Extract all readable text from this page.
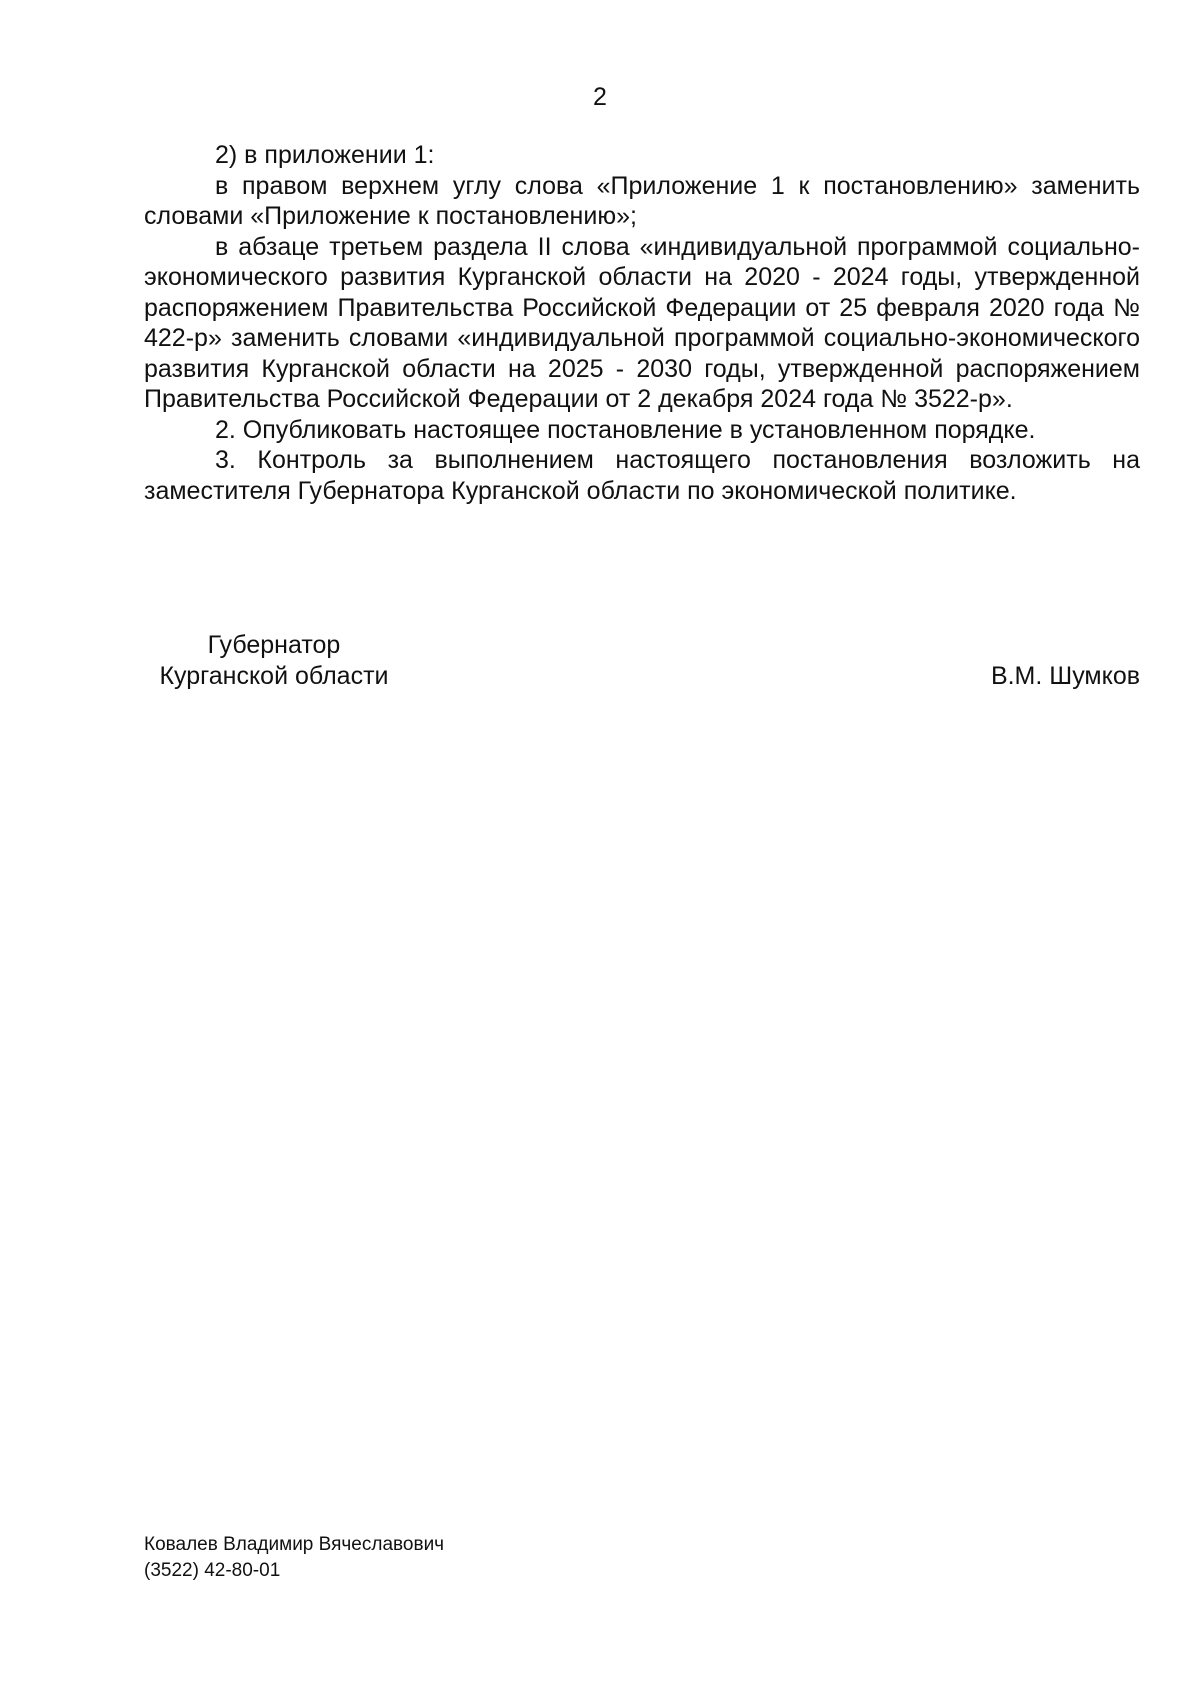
2

2) в приложении 1:

в правом верхнем углу слова «Приложение 1 к постановлению» заменить словами «Приложение к постановлению»;

в абзаце третьем раздела II слова «индивидуальной программой социально-экономического развития Курганской области на 2020 - 2024 годы, утвержденной распоряжением Правительства Российской Федерации от 25 февраля 2020 года № 422-р» заменить словами «индивидуальной программой социально-экономического развития Курганской области на 2025 - 2030 годы, утвержденной распоряжением Правительства Российской Федерации от 2 декабря 2024 года № 3522-р».

2. Опубликовать настоящее постановление в установленном порядке.

3. Контроль за выполнением настоящего постановления возложить на заместителя Губернатора Курганской области по экономической политике.

Губернатор
Курганской области	В.М. Шумков
Ковалев Владимир Вячеславович
(3522) 42-80-01
